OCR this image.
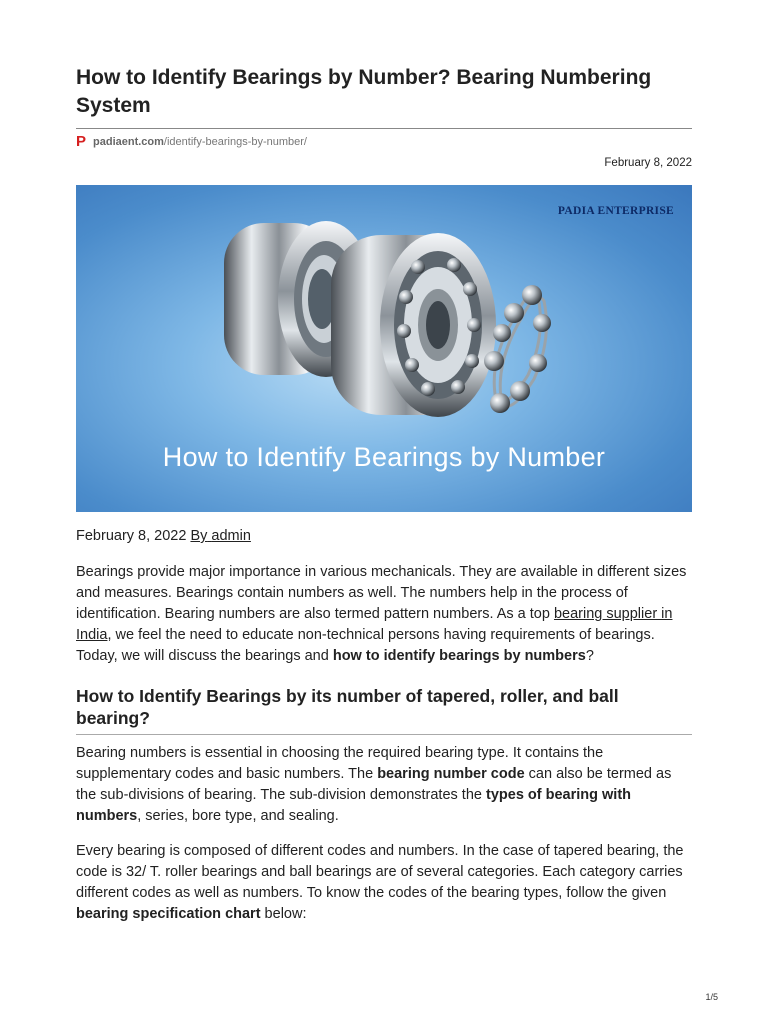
How to Identify Bearings by Number? Bearing Numbering System
P padiaent.com /identify-bearings-by-number/
February 8, 2022
PADIA ENTERPRISE
How to Identify Bearings by Number
February 8, 2022 By admin

Bearings provide major importance in various mechanicals. They are available in different sizes and measures. Bearings contain numbers as well. The numbers help in the process of identification. Bearing numbers are also termed pattern numbers. As a top bearing supplier in India, we feel the need to educate non-technical persons having requirements of bearings. Today, we will discuss the bearings and how to identify bearings by numbers?

How to Identify Bearings by its number of tapered, roller, and ball bearing?

Bearing numbers is essential in choosing the required bearing type. It contains the supplementary codes and basic numbers. The bearing number code can also be termed as the sub-divisions of bearing. The sub-division demonstrates the types of bearing with numbers, series, bore type, and sealing.

Every bearing is composed of different codes and numbers. In the case of tapered bearing, the code is 32/ T. roller bearings and ball bearings are of several categories. Each category carries different codes as well as numbers. To know the codes of the bearing types, follow the given bearing specification chart below:

1/5
